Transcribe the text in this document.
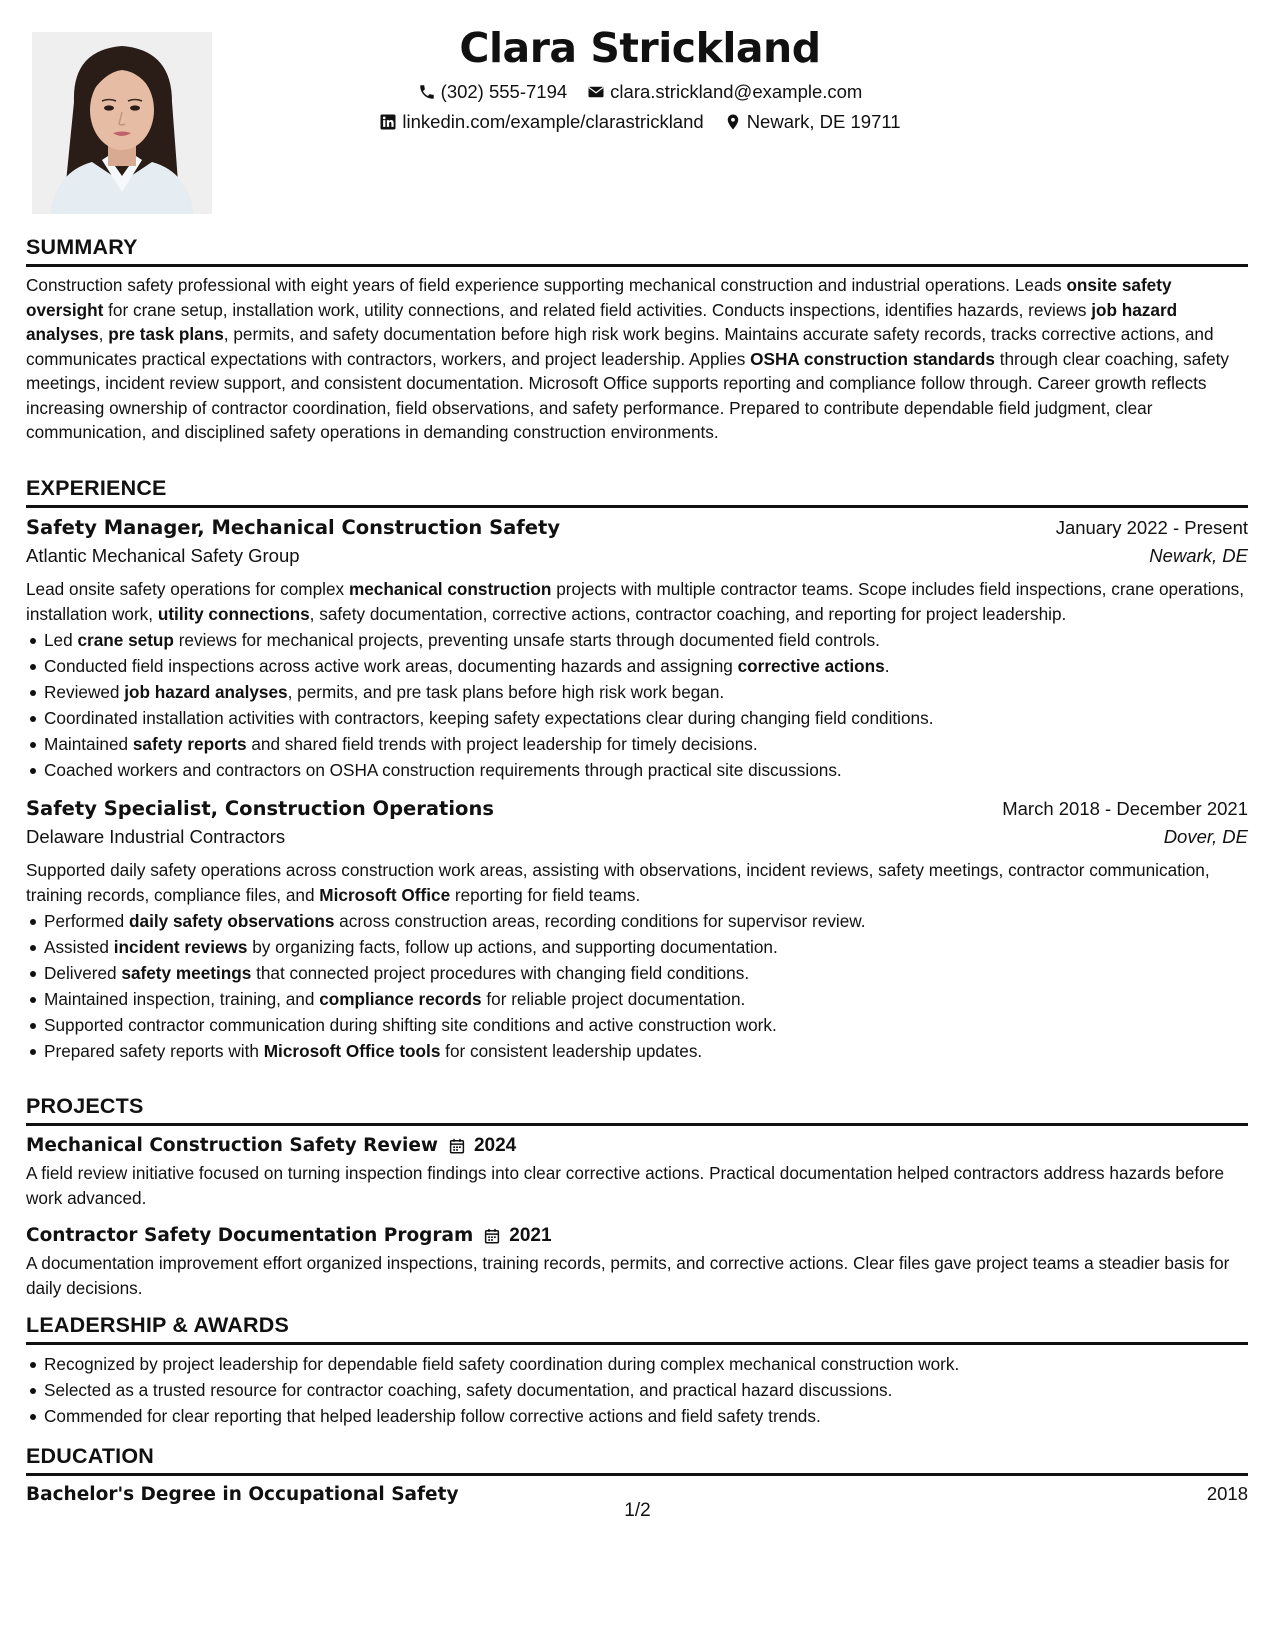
Clara Strickland
(302) 555-7194 clara.strickland@example.com
linkedin.com/example/clarastrickland Newark, DE 19711
SUMMARY

Construction safety professional with eight years of field experience supporting mechanical construction and industrial operations. Leads onsite safety oversight for crane setup, installation work, utility connections, and related field activities. Conducts inspections, identifies hazards, reviews job hazard analyses, pre task plans, permits, and safety documentation before high risk work begins. Maintains accurate safety records, tracks corrective actions, and communicates practical expectations with contractors, workers, and project leadership. Applies OSHA construction standards through clear coaching, safety meetings, incident review support, and consistent documentation. Microsoft Office supports reporting and compliance follow through. Career growth reflects increasing ownership of contractor coordination, field observations, and safety performance. Prepared to contribute dependable field judgment, clear communication, and disciplined safety operations in demanding construction environments.

EXPERIENCE
Safety Manager, Mechanical Construction Safety	January 2022 - Present
Atlantic Mechanical Safety Group	Newark, DE

Lead onsite safety operations for complex mechanical construction projects with multiple contractor teams. Scope includes field inspections, crane operations, installation work, utility connections, safety documentation, corrective actions, contractor coaching, and reporting for project leadership.

Led crane setup reviews for mechanical projects, preventing unsafe starts through documented field controls.
Conducted field inspections across active work areas, documenting hazards and assigning corrective actions.
Reviewed job hazard analyses, permits, and pre task plans before high risk work began.
Coordinated installation activities with contractors, keeping safety expectations clear during changing field conditions.
Maintained safety reports and shared field trends with project leadership for timely decisions.
Coached workers and contractors on OSHA construction requirements through practical site discussions.
Safety Specialist, Construction Operations	March 2018 - December 2021
Delaware Industrial Contractors	Dover, DE

Supported daily safety operations across construction work areas, assisting with observations, incident reviews, safety meetings, contractor communication, training records, compliance files, and Microsoft Office reporting for field teams.

Performed daily safety observations across construction areas, recording conditions for supervisor review.
Assisted incident reviews by organizing facts, follow up actions, and supporting documentation.
Delivered safety meetings that connected project procedures with changing field conditions.
Maintained inspection, training, and compliance records for reliable project documentation.
Supported contractor communication during shifting site conditions and active construction work.
Prepared safety reports with Microsoft Office tools for consistent leadership updates.
PROJECTS
Mechanical Construction Safety Review 2024

A field review initiative focused on turning inspection findings into clear corrective actions. Practical documentation helped contractors address hazards before work advanced.

Contractor Safety Documentation Program 2021

A documentation improvement effort organized inspections, training records, permits, and corrective actions. Clear files gave project teams a steadier basis for daily decisions.

LEADERSHIP & AWARDS
Recognized by project leadership for dependable field safety coordination during complex mechanical construction work.
Selected as a trusted resource for contractor coaching, safety documentation, and practical hazard discussions.
Commended for clear reporting that helped leadership follow corrective actions and field safety trends.
EDUCATION
Bachelor's Degree in Occupational Safety	2018
1/2
